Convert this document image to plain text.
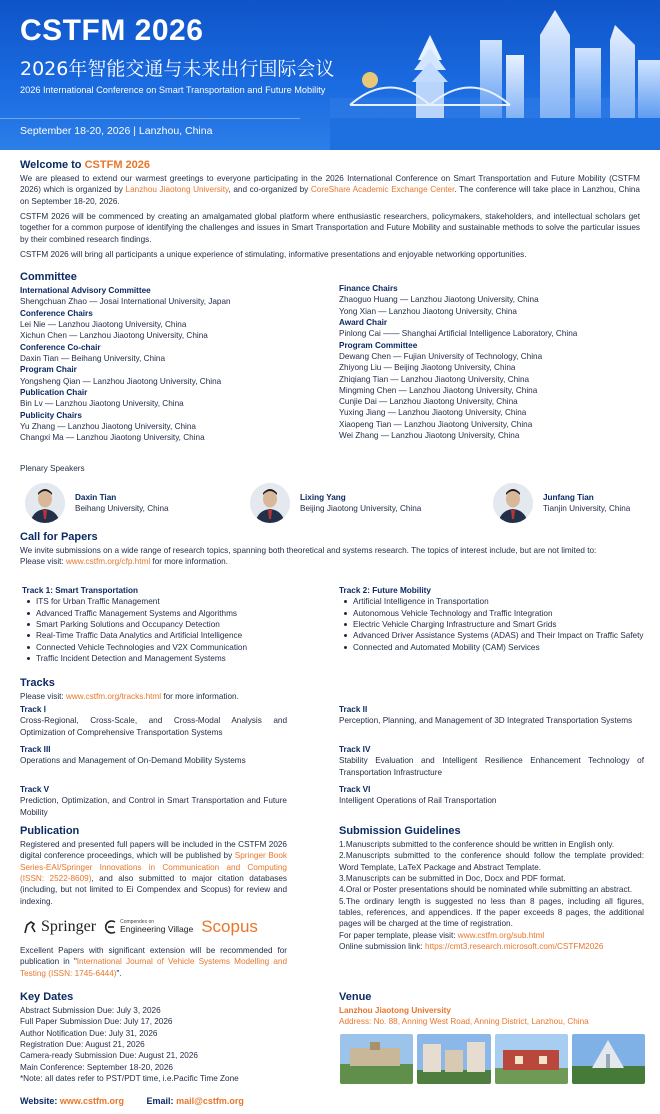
CSTFM 2026
2026年智能交通与未来出行国际会议
2026 International Conference on Smart Transportation and Future Mobility
September 18-20, 2026 | Lanzhou, China
Welcome to CSTFM 2026
We are pleased to extend our warmest greetings to everyone participating in the 2026 International Conference on Smart Transportation and Future Mobility (CSTFM 2026) which is organized by Lanzhou Jiaotong University, and co-organized by CoreShare Academic Exchange Center. The conference will take place in Lanzhou, China on September 18-20, 2026.
CSTFM 2026 will be commenced by creating an amalgamated global platform where enthusiastic researchers, policymakers, stakeholders, and intellectual scholars get together for a common purpose of identifying the challenges and issues in Smart Transportation and Future Mobility and sustainable methods to solve the particular issues by their combined research findings.
CSTFM 2026 will bring all participants a unique experience of stimulating, informative presentations and enjoyable networking opportunities.
Committee
International Advisory Committee
Shengchuan Zhao — Josai International University, Japan
Conference Chairs
Lei Nie — Lanzhou Jiaotong University, China
Xichun Chen — Lanzhou Jiaotong University, China
Conference Co-chair
Daxin Tian — Beihang University, China
Program Chair
Yongsheng Qian — Lanzhou Jiaotong University, China
Publication Chair
Bin Lv — Lanzhou Jiaotong University, China
Publicity Chairs
Yu Zhang — Lanzhou Jiaotong University, China
Changxi Ma — Lanzhou Jiaotong University, China
Finance Chairs
Zhaoguo Huang — Lanzhou Jiaotong University, China
Yong Xian — Lanzhou Jiaotong University, China
Award Chair
Pinlong Cai —— Shanghai Artificial Intelligence Laboratory, China
Program Committee
Dewang Chen — Fujian University of Technology, China
Zhiyong Liu — Beijing Jiaotong University, China
Zhiqiang Tian — Lanzhou Jiaotong University, China
Mingming Chen — Lanzhou Jiaotong University, China
Cunjie Dai — Lanzhou Jiaotong University, China
Yuxing Jiang — Lanzhou Jiaotong University, China
Xiaopeng Tian — Lanzhou Jiaotong University, China
Wei Zhang — Lanzhou Jiaotong University, China
Plenary Speakers
Daxin Tian
Beihang University, China
Lixing Yang
Beijing Jiaotong University, China
Junfang Tian
Tianjin University, China
Call for Papers
We invite submissions on a wide range of research topics, spanning both theoretical and systems research. The topics of interest include, but are not limited to:
Please visit: www.cstfm.org/cfp.html for more information.
Track 1: Smart Transportation
ITS for Urban Traffic Management
Advanced Traffic Management Systems and Algorithms
Smart Parking Solutions and Occupancy Detection
Real-Time Traffic Data Analytics and Artificial Intelligence
Connected Vehicle Technologies and V2X Communication
Traffic Incident Detection and Management Systems
Track 2: Future Mobility
Artificial Intelligence in Transportation
Autonomous Vehicle Technology and Traffic Integration
Electric Vehicle Charging Infrastructure and Smart Grids
Advanced Driver Assistance Systems (ADAS) and Their Impact on Traffic Safety
Connected and Automated Mobility (CAM) Services
Tracks
Please visit: www.cstfm.org/tracks.html for more information.
Track Ⅰ
Cross-Regional, Cross-Scale, and Cross-Modal Analysis and Optimization of Comprehensive Transportation Systems
Track II
Perception, Planning, and Management of 3D Integrated Transportation Systems
Track III
Operations and Management of On-Demand Mobility Systems
Track IV
Stability Evaluation and Intelligent Resilience Enhancement Technology of Transportation Infrastructure
Track V
Prediction, Optimization, and Control in Smart Transportation and Future Mobility
Track VI
Intelligent Operations of Rail Transportation
Publication
Registered and presented full papers will be included in the CSTFM 2026 digital conference proceedings, which will be published by Springer Book Series-EAI/Springer Innovations in Communication and Computing (ISSN: 2522-8609), and also submitted to major citation databases (including, but not limited to Ei Compendex and Scopus) for review and indexing.
Springer	Compendex on
Engineering Village Scopus
Excellent Papers with significant extension will be recommended for publication in "International Journal of Vehicle Systems Modelling and Testing (ISSN: 1745-6444)".
Submission Guidelines
1.Manuscripts submitted to the conference should be written in English only.
2.Manuscripts submitted to the conference should follow the template provided: Word Template, LaTeX Package and Abstract Template.
3.Manuscripts can be submitted in Doc, Docx and PDF format.
4.Oral or Poster presentations should be nominated while submitting an abstract.
5.The ordinary length is suggested no less than 8 pages, including all figures, tables, references, and appendices. If the paper exceeds 8 pages, the additional pages will be charged at the time of registration.
For paper template, please visit: www.cstfm.org/sub.html
Online submission link: https://cmt3.research.microsoft.com/CSTFM2026
Key Dates
Abstract Submission Due: July 3, 2026
Full Paper Submission Due: July 17, 2026
Author Notification Due: July 31, 2026
Registration Due: August 21, 2026
Camera-ready Submission Due: August 21, 2026
Main Conference: September 18-20, 2026
*Note: all dates refer to PST/PDT time, i.e.Pacific Time Zone
Venue
Lanzhou Jiaotong University
Address: No. 88, Anning West Road, Anning District, Lanzhou, China
Website: www.cstfm.org	Email: mail@cstfm.org
